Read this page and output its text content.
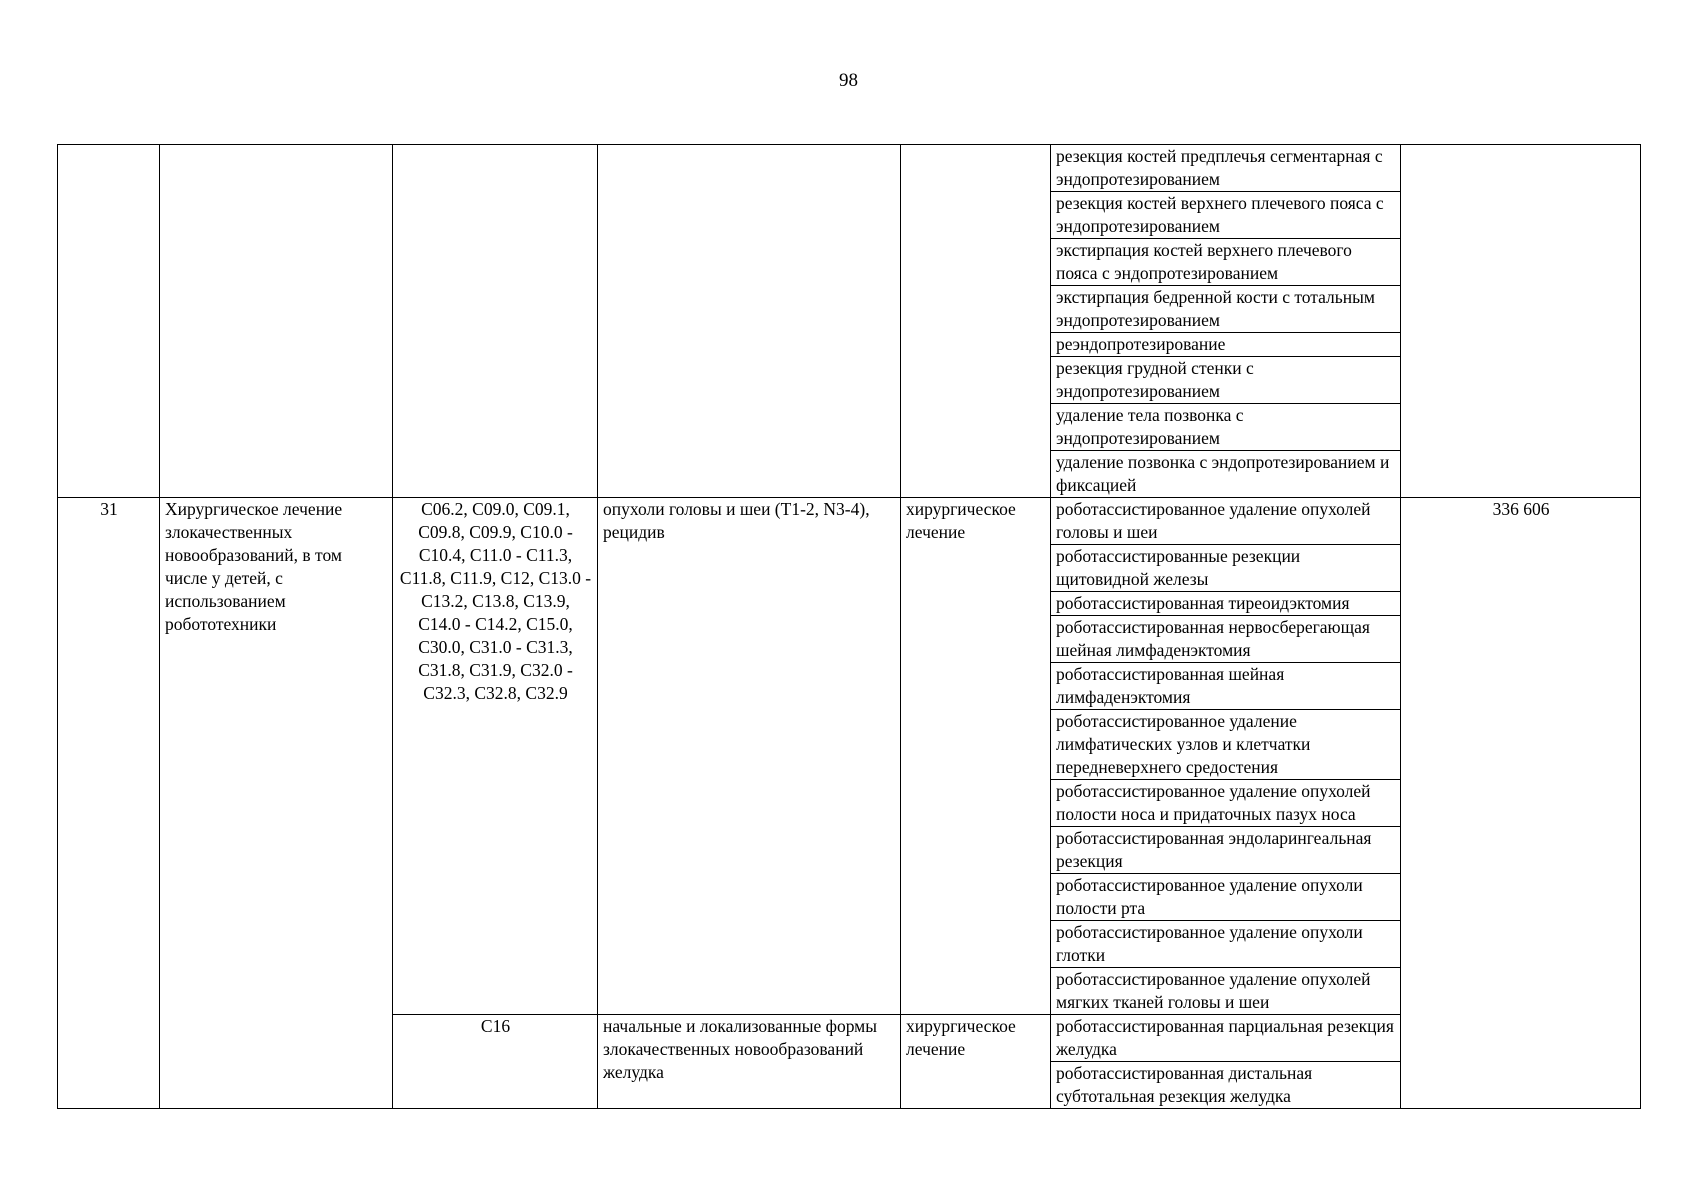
98
					резекция костей предплечья сегментарная с эндопротезированием	
					резекция костей верхнего плечевого пояса с эндопротезированием	
					экстирпация костей верхнего плечевого пояса с эндопротезированием	
					экстирпация бедренной кости с тотальным эндопротезированием	
					реэндопротезирование	
					резекция грудной стенки с эндопротезированием	
					удаление тела позвонка с эндопротезированием	
					удаление позвонка с эндопротезированием и фиксацией	
31	Хирургическое лечение злокачественных новообразований, в том числе у детей, с использованием робототехники	C06.2, C09.0, C09.1, C09.8, C09.9, C10.0 - C10.4, C11.0 - C11.3, C11.8, C11.9, C12, C13.0 - C13.2, C13.8, C13.9, C14.0 - C14.2, C15.0, C30.0, C31.0 - C31.3, C31.8, C31.9, C32.0 - C32.3, C32.8, C32.9	опухоли головы и шеи (T1-2, N3-4), рецидив	хирургическое лечение	роботассистированное удаление опухолей головы и шеи	336 606
					роботассистированные резекции щитовидной железы	
					роботассистированная тиреоидэктомия	
					роботассистированная нервосберегающая шейная лимфаденэктомия	
					роботассистированная шейная лимфаденэктомия	
					роботассистированное удаление лимфатических узлов и клетчатки передневерхнего средостения	
					роботассистированное удаление опухолей полости носа и придаточных пазух носа	
					роботассистированная эндоларингеальная резекция	
					роботассистированное удаление опухоли полости рта	
					роботассистированное удаление опухоли глотки	
					роботассистированное удаление опухолей мягких тканей головы и шеи	
		C16	начальные и локализованные формы злокачественных новообразований желудка	хирургическое лечение	роботассистированная парциальная резекция желудка	
					роботассистированная дистальная субтотальная резекция желудка	
